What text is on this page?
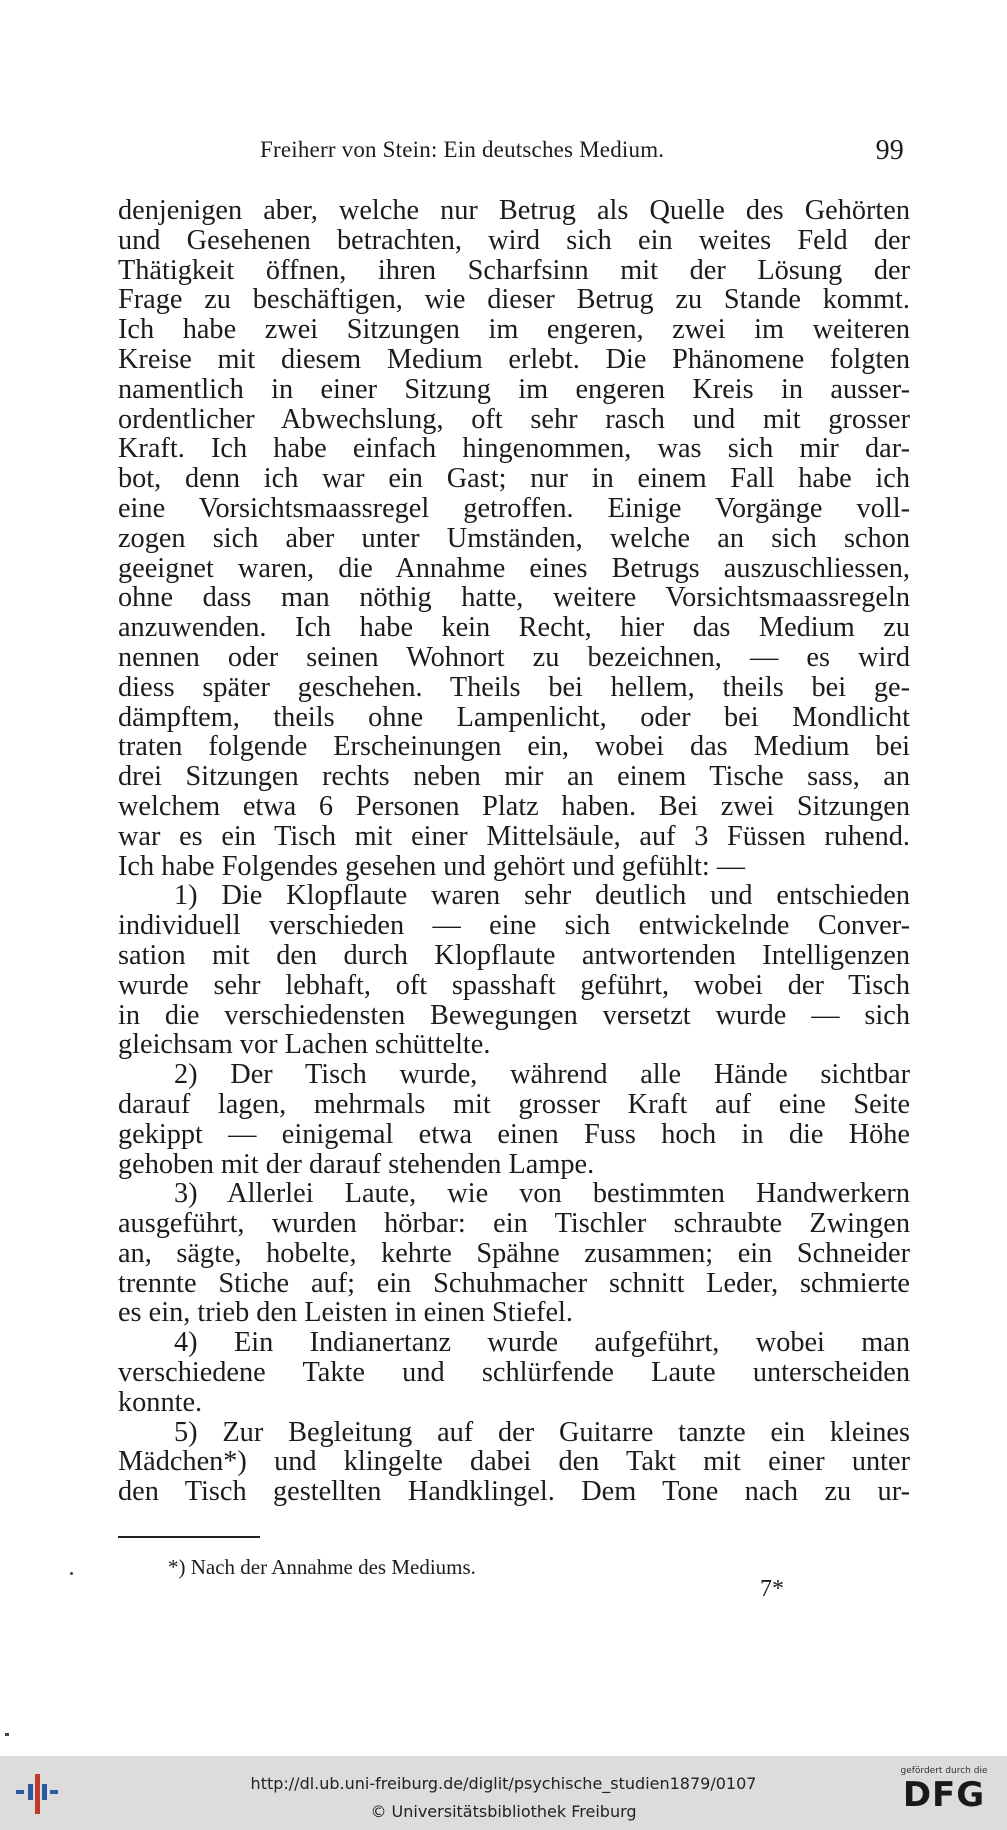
Freiherr von Stein: Ein deutsches Medium.	99
denjenigen aber, welche nur Betrug als Quelle des Gehörten
und Gesehenen betrachten, wird sich ein weites Feld der
Thätigkeit öffnen, ihren Scharfsinn mit der Lösung der
Frage zu beschäftigen, wie dieser Betrug zu Stande kommt.
Ich habe zwei Sitzungen im engeren, zwei im weiteren
Kreise mit diesem Medium erlebt. Die Phänomene folgten
namentlich in einer Sitzung im engeren Kreis in ausser-
ordentlicher Abwechslung, oft sehr rasch und mit grosser
Kraft. Ich habe einfach hingenommen, was sich mir dar-
bot, denn ich war ein Gast; nur in einem Fall habe ich
eine Vorsichtsmaassregel getroffen. Einige Vorgänge voll-
zogen sich aber unter Umständen, welche an sich schon
geeignet waren, die Annahme eines Betrugs auszuschliessen,
ohne dass man nöthig hatte, weitere Vorsichtsmaassregeln
anzuwenden. Ich habe kein Recht, hier das Medium zu
nennen oder seinen Wohnort zu bezeichnen, — es wird
diess später geschehen. Theils bei hellem, theils bei ge-
dämpftem, theils ohne Lampenlicht, oder bei Mondlicht
traten folgende Erscheinungen ein, wobei das Medium bei
drei Sitzungen rechts neben mir an einem Tische sass, an
welchem etwa 6 Personen Platz haben. Bei zwei Sitzungen
war es ein Tisch mit einer Mittelsäule, auf 3 Füssen ruhend.
Ich habe Folgendes gesehen und gehört und gefühlt: —
1) Die Klopflaute waren sehr deutlich und entschieden
individuell verschieden — eine sich entwickelnde Conver-
sation mit den durch Klopflaute antwortenden Intelligenzen
wurde sehr lebhaft, oft spasshaft geführt, wobei der Tisch
in die verschiedensten Bewegungen versetzt wurde — sich
gleichsam vor Lachen schüttelte.
2) Der Tisch wurde, während alle Hände sichtbar
darauf lagen, mehrmals mit grosser Kraft auf eine Seite
gekippt — einigemal etwa einen Fuss hoch in die Höhe
gehoben mit der darauf stehenden Lampe.
3) Allerlei Laute, wie von bestimmten Handwerkern
ausgeführt, wurden hörbar: ein Tischler schraubte Zwingen
an, sägte, hobelte, kehrte Spähne zusammen; ein Schneider
trennte Stiche auf; ein Schuhmacher schnitt Leder, schmierte
es ein, trieb den Leisten in einen Stiefel.
4) Ein Indianertanz wurde aufgeführt, wobei man
verschiedene Takte und schlürfende Laute unterscheiden
konnte.
5) Zur Begleitung auf der Guitarre tanzte ein kleines
Mädchen*) und klingelte dabei den Takt mit einer unter
den Tisch gestellten Handklingel. Dem Tone nach zu ur-
*) Nach der Annahme des Mediums.
7*
http://dl.ub.uni-freiburg.de/diglit/psychische_studien1879/0107
© Universitätsbibliothek Freiburg
gefördert durch die
DFG
